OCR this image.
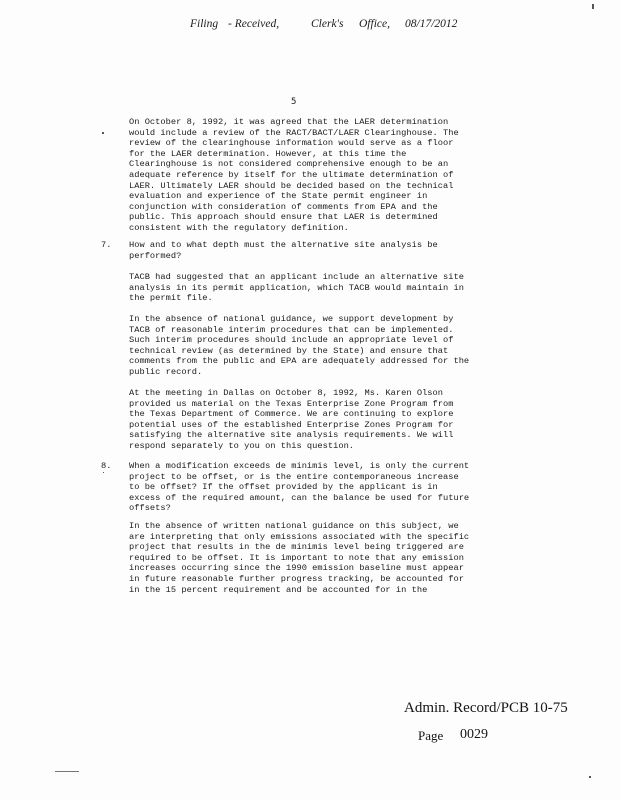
Filing

- Received,

	Clerk's

Office,

08/17/2012

5
On October 8, 1992, it was agreed that the LAER determination
would include a review of the RACT/BACT/LAER Clearinghouse. The
review of the clearinghouse information would serve as a floor
for the LAER determination. However, at this time the
Clearinghouse is not considered comprehensive enough to be an
adequate reference by itself for the ultimate determination of
LAER. Ultimately LAER should be decided based on the technical
evaluation and experience of the State permit engineer in
conjunction with consideration of comments from EPA and the
public. This approach should ensure that LAER is determined
consistent with the regulatory definition.
7. How and to what depth must the alternative site analysis be
performed?
TACB had suggested that an applicant include an alternative site
analysis in its permit application, which TACB would maintain in
the permit file.
In the absence of national guidance, we support development by
TACB of reasonable interim procedures that can be implemented.
Such interim procedures should include an appropriate level of
technical review (as determined by the State) and ensure that
comments from the public and EPA are adequately addressed for the
public record.
At the meeting in Dallas on October 8, 1992, Ms. Karen Olson
provided us material on the Texas Enterprise Zone Program from
the Texas Department of Commerce. We are continuing to explore
potential uses of the established Enterprise Zones Program for
satisfying the alternative site analysis requirements. We will
respond separately to you on this question.
8. When a modification exceeds de minimis level, is only the current
project to be offset, or is the entire contemporaneous increase
to be offset? If the offset provided by the applicant is in
excess of the required amount, can the balance be used for future
offsets?
In the absence of written national guidance on this subject, we
are interpreting that only emissions associated with the specific
project that results in the de minimis level being triggered are
required to be offset. It is important to note that any emission
increases occurring since the 1990 emission baseline must appear
in future reasonable further progress tracking, be accounted for
in the 15 percent requirement and be accounted for in the
Admin. Record/PCB 10-75
Page 0029
